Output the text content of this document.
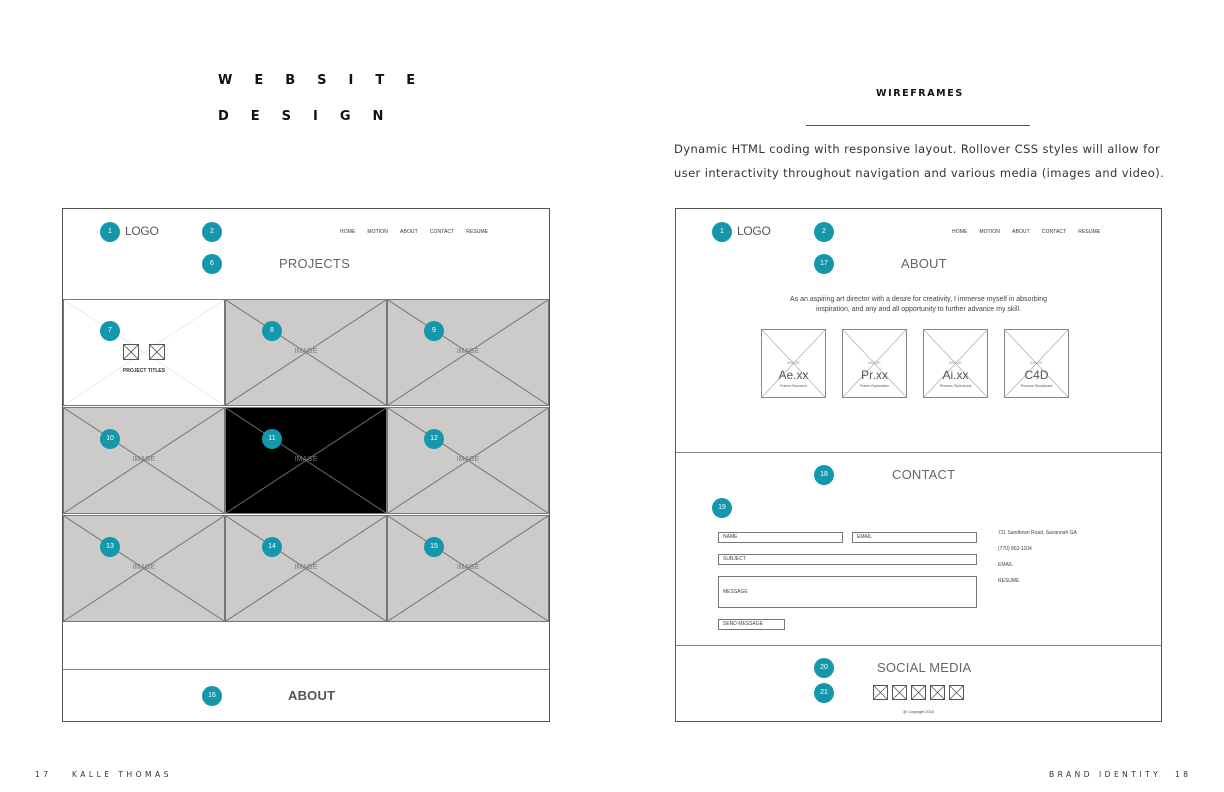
WEBSITE
DESIGN
1	LOGO	2	HOME MOTION ABOUT CONTACT RESUME
6	PROJECTS
PROJECT TITLES
IMAGE	IMAGE
IMAGE	IMAGE	IMAGE
IMAGE	IMAGE	IMAGE
7	8	9
10	11	12
13	14	15
16	ABOUT
17	KALLE THOMAS
WIREFRAMES
Dynamic HTML coding with responsive layout. Rollover CSS styles will allow for
user interactivity throughout navigation and various media (images and video).
1	LOGO	2	HOME MOTION ABOUT CONTACT RESUME
17	ABOUT
As an aspiring art director with a desire for creativity, I immerse myself in absorbing
inspiration, and any and all opportunity to further advance my skill.
IMAGE
Ae.xx
Frame Research
IMAGE
Pr.xx
Frame Exploration
IMAGE
Ai.xx
Process Style/Icons
IMAGE
C4D
Process Storyboard
18	CONTACT
19
NAME	EMAIL
SUBJECT
MESSAGE
SEND MESSAGE
711 Sandtown Road, Savannah GA
(770) 862-1104
EMAIL
RESUME
20	SOCIAL MEDIA
21
@ Copyright 2018
BRAND IDENTITY 18
